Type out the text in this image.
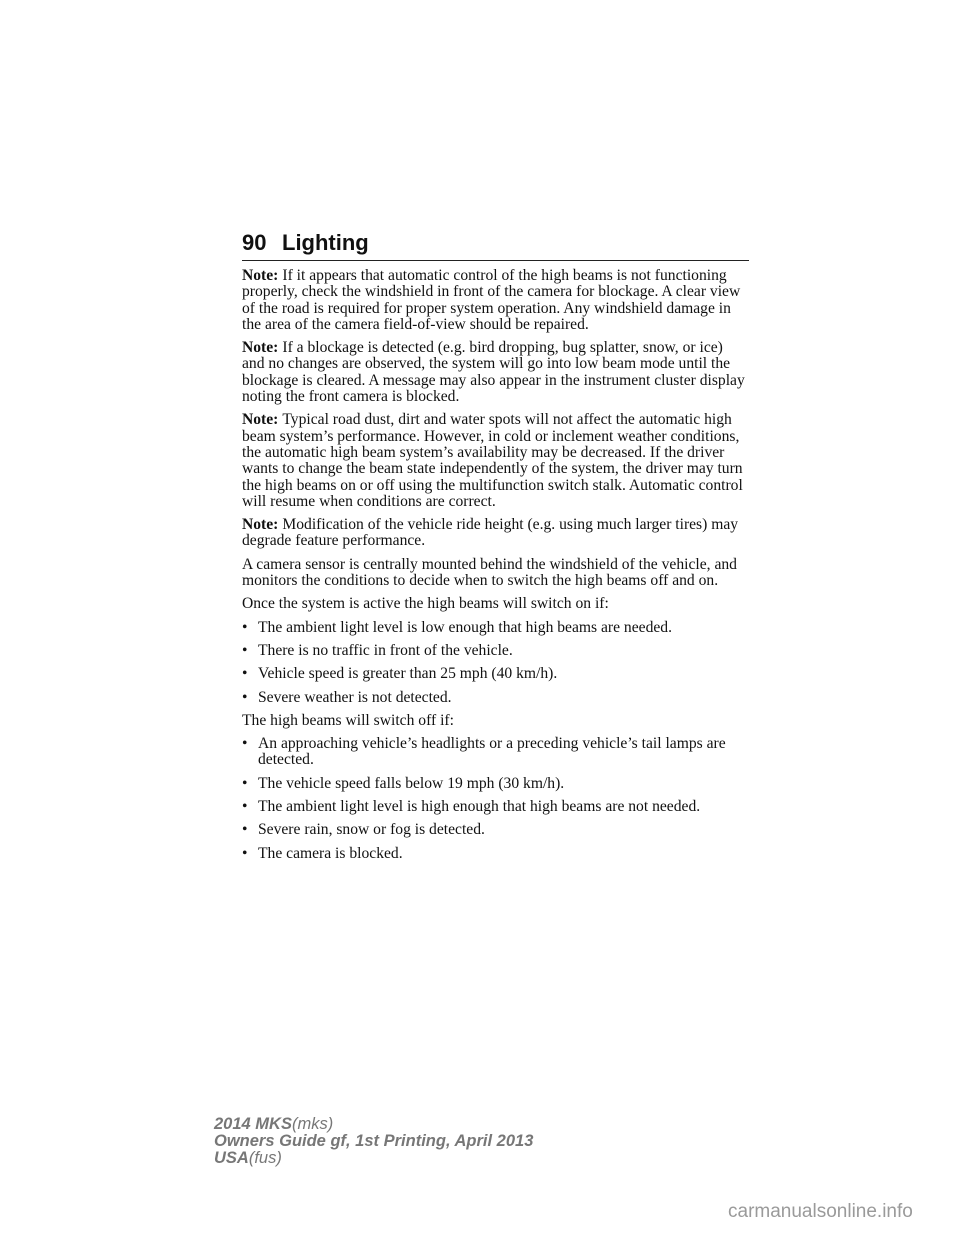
90 Lighting

Note: If it appears that automatic control of the high beams is not functioning properly, check the windshield in front of the camera for blockage. A clear view of the road is required for proper system operation. Any windshield damage in the area of the camera field-of-view should be repaired.

Note: If a blockage is detected (e.g. bird dropping, bug splatter, snow, or ice) and no changes are observed, the system will go into low beam mode until the blockage is cleared. A message may also appear in the instrument cluster display noting the front camera is blocked.

Note: Typical road dust, dirt and water spots will not affect the automatic high beam system’s performance. However, in cold or inclement weather conditions, the automatic high beam system’s availability may be decreased. If the driver wants to change the beam state independently of the system, the driver may turn the high beams on or off using the multifunction switch stalk. Automatic control will resume when conditions are correct.

Note: Modification of the vehicle ride height (e.g. using much larger tires) may degrade feature performance.

A camera sensor is centrally mounted behind the windshield of the vehicle, and monitors the conditions to decide when to switch the high beams off and on.

Once the system is active the high beams will switch on if:

• The ambient light level is low enough that high beams are needed.
• There is no traffic in front of the vehicle.
• Vehicle speed is greater than 25 mph (40 km/h).
• Severe weather is not detected.

The high beams will switch off if:

• An approaching vehicle’s headlights or a preceding vehicle’s tail lamps are detected.
• The vehicle speed falls below 19 mph (30 km/h).
• The ambient light level is high enough that high beams are not needed.
• Severe rain, snow or fog is detected.
• The camera is blocked.
2014 MKS(mks)
Owners Guide gf, 1st Printing, April 2013
USA(fus)
carmanualsonline.info
